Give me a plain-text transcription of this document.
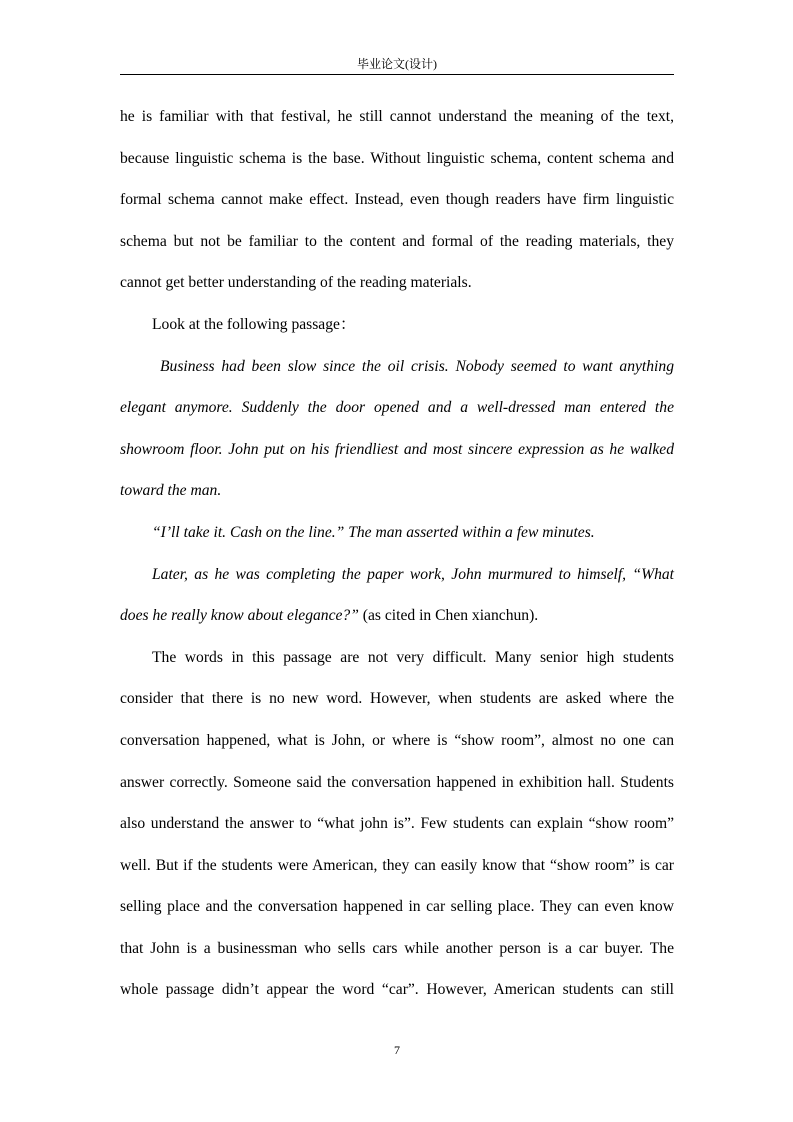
毕业论文(设计)
he is familiar with that festival, he still cannot understand the meaning of the text,
because linguistic schema is the base. Without linguistic schema, content schema and
formal schema cannot make effect. Instead, even though readers have firm linguistic
schema but not be familiar to the content and formal of the reading materials, they
cannot get better understanding of the reading materials.
Look at the following passage：
Business had been slow since the oil crisis. Nobody seemed to want anything
elegant anymore. Suddenly the door opened and a well-dressed man entered the
showroom floor. John put on his friendliest and most sincere expression as he walked
toward the man.
“I’ll take it. Cash on the line.” The man asserted within a few minutes.
Later, as he was completing the paper work, John murmured to himself, “What
does he really know about elegance?” (as cited in Chen xianchun).
The words in this passage are not very difficult. Many senior high students
consider that there is no new word. However, when students are asked where the
conversation happened, what is John, or where is “show room”, almost no one can
answer correctly. Someone said the conversation happened in exhibition hall. Students
also understand the answer to “what john is”. Few students can explain “show room”
well. But if the students were American, they can easily know that “show room” is car
selling place and the conversation happened in car selling place. They can even know
that John is a businessman who sells cars while another person is a car buyer. The
whole passage didn’t appear the word “car”. However, American students can still
7
